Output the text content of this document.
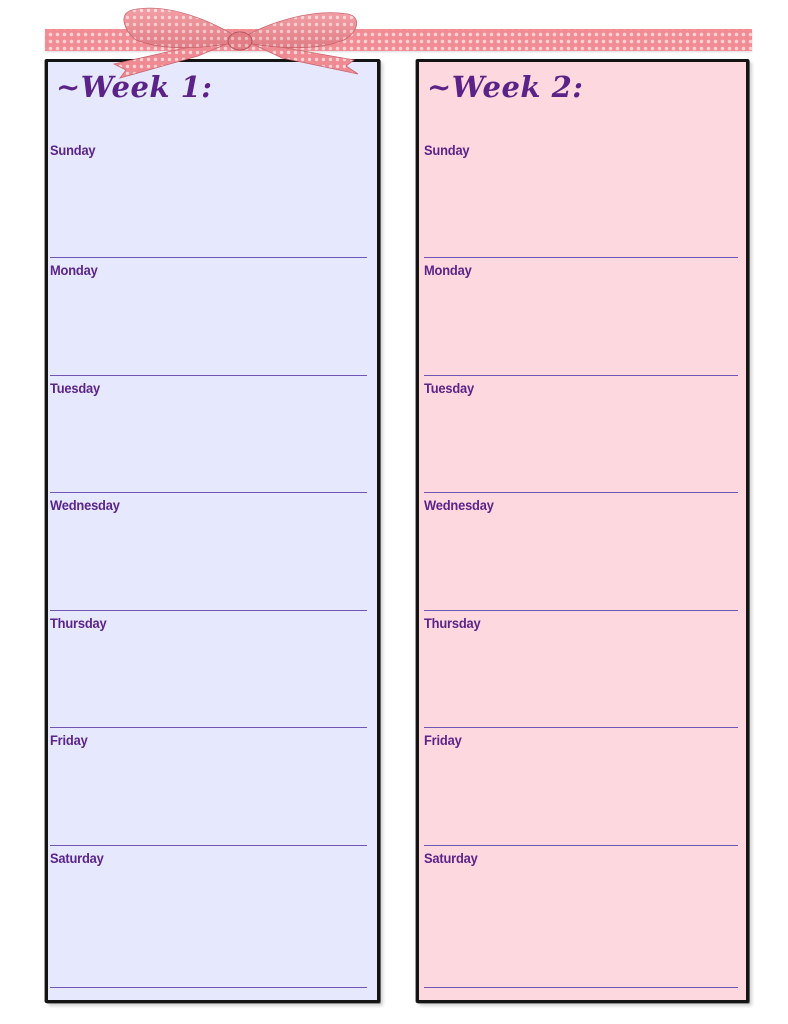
~Week 1:
Sunday
Monday
Tuesday
Wednesday
Thursday
Friday
Saturday
~Week 2:
Sunday
Monday
Tuesday
Wednesday
Thursday
Friday
Saturday
